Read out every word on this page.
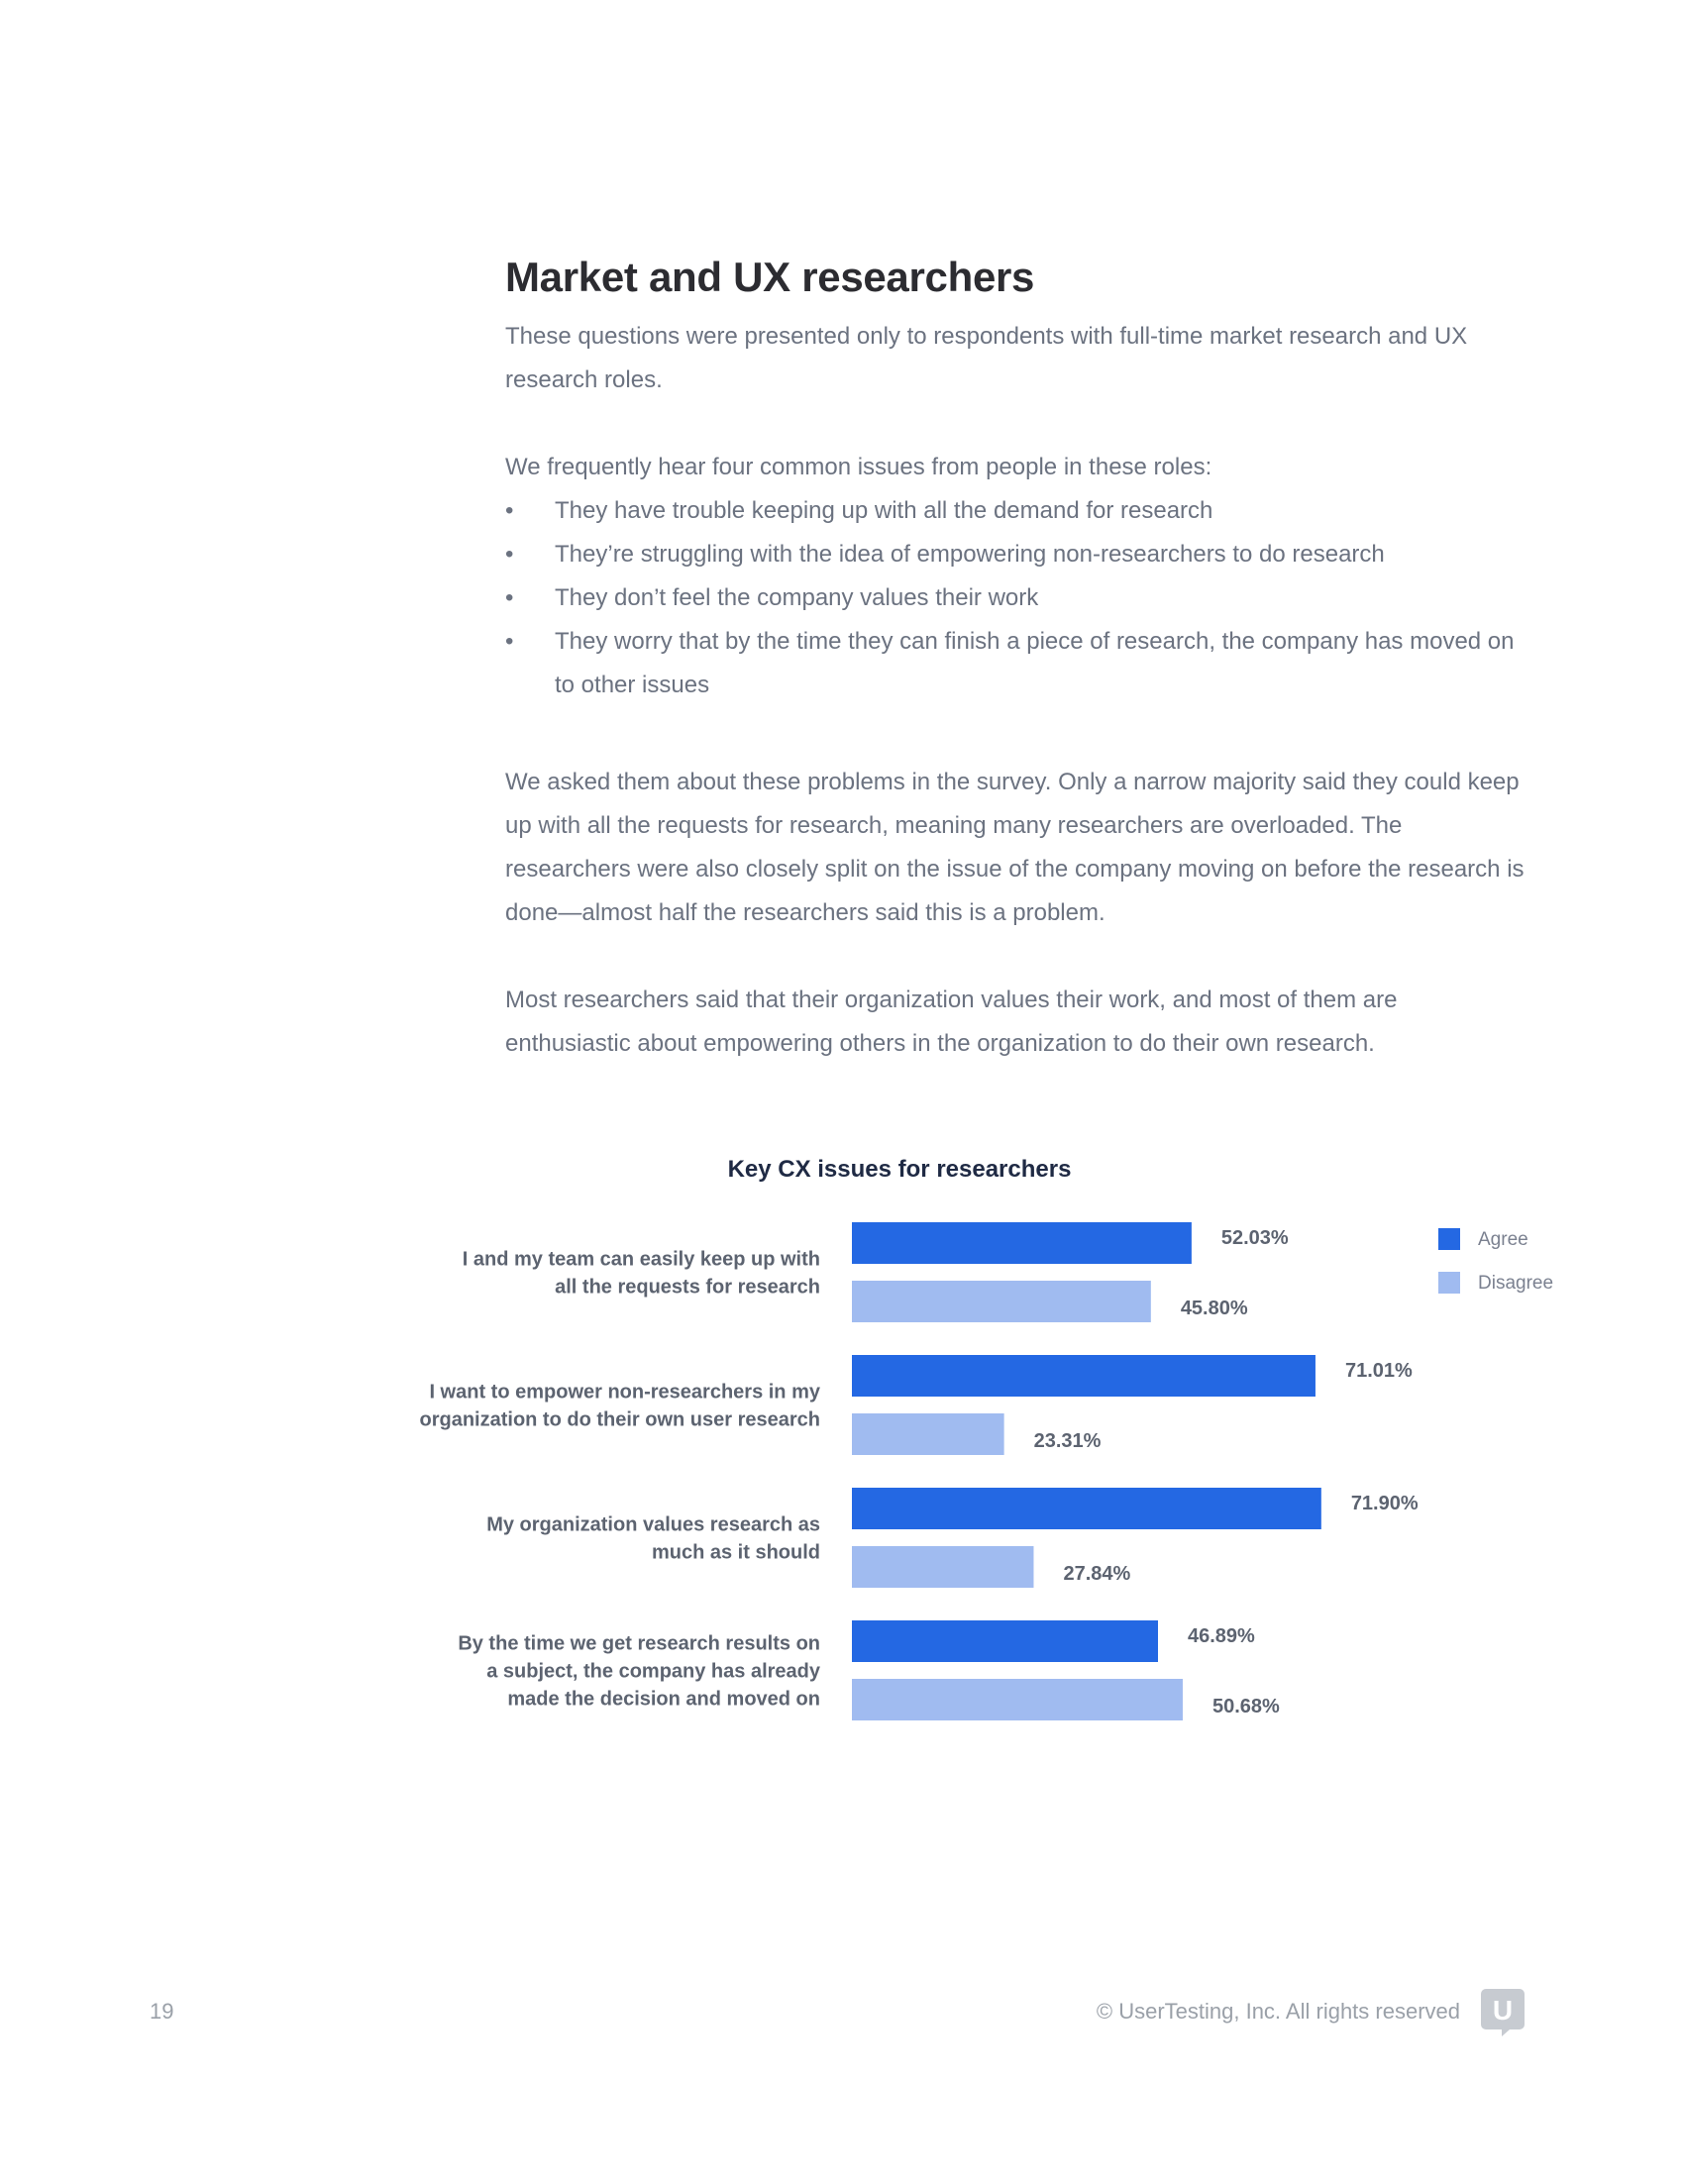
Market and UX researchers

These questions were presented only to respondents with full-time market research and UX research roles.

We frequently hear four common issues from people in these roles:

• They have trouble keeping up with all the demand for research
• They’re struggling with the idea of empowering non-researchers to do research
• They don’t feel the company values their work
• They worry that by the time they can finish a piece of research, the company has moved on to other issues

We asked them about these problems in the survey. Only a narrow majority said they could keep up with all the requests for research, meaning many researchers are overloaded. The researchers were also closely split on the issue of the company moving on before the research is done—almost half the researchers said this is a problem.

Most researchers said that their organization values their work, and most of them are enthusiastic about empowering others in the organization to do their own research.

Key CX issues for researchers
I and my team can easily keep up with
all the requests for research
52.03%
45.80%
I want to empower non-researchers in my
organization to do their own user research
71.01%
23.31%
My organization values research as
much as it should
71.90%
27.84%
By the time we get research results on
a subject, the company has already
made the decision and moved on
46.89%
50.68%
Agree
Disagree
19	© UserTesting, Inc. All rights reserved U
